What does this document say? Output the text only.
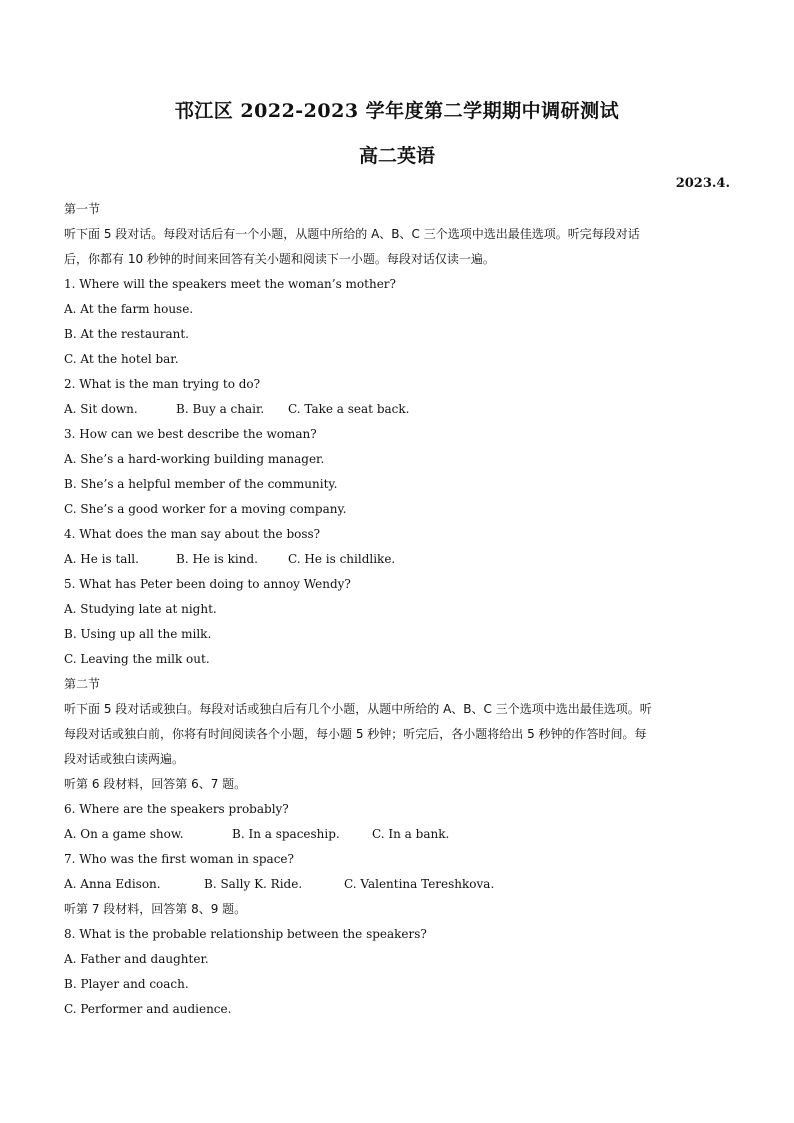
邗江区 2022-2023 学年度第二学期期中调研测试
高二英语
2023.4.
第一节
听下面 5 段对话。每段对话后有一个小题，从题中所给的 A、B、C 三个选项中选出最佳选项。听完每段对话
后，你都有 10 秒钟的时间来回答有关小题和阅读下一小题。每段对话仅读一遍。
1. Where will the speakers meet the woman’s mother?
A. At the farm house.
B. At the restaurant.
C. At the hotel bar.
2. What is the man trying to do?
A. Sit down.	B. Buy a chair.	C. Take a seat back.
3. How can we best describe the woman?
A. She’s a hard-working building manager.
B. She’s a helpful member of the community.
C. She’s a good worker for a moving company.
4. What does the man say about the boss?
A. He is tall.	B. He is kind.	C. He is childlike.
5. What has Peter been doing to annoy Wendy?
A. Studying late at night.
B. Using up all the milk.
C. Leaving the milk out.
第二节
听下面 5 段对话或独白。每段对话或独白后有几个小题，从题中所给的 A、B、C 三个选项中选出最佳选项。听
每段对话或独白前，你将有时间阅读各个小题，每小题 5 秒钟；听完后，各小题将给出 5 秒钟的作答时间。每
段对话或独白读两遍。
听第 6 段材料，回答第 6、7 题。
6. Where are the speakers probably?
A. On a game show.	B. In a spaceship.	C. In a bank.
7. Who was the first woman in space?
A. Anna Edison.	B. Sally K. Ride.	C. Valentina Tereshkova.
听第 7 段材料，回答第 8、9 题。
8. What is the probable relationship between the speakers?
A. Father and daughter.
B. Player and coach.
C. Performer and audience.
